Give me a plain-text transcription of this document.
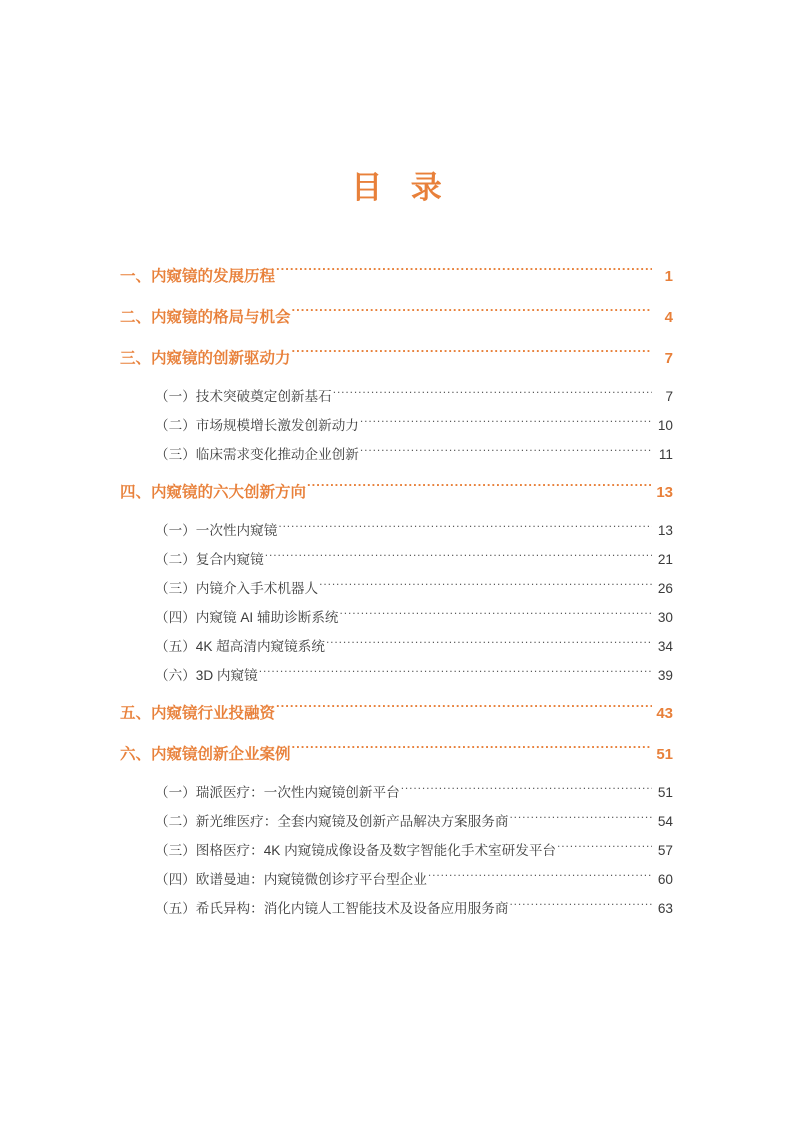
目 录
一、内窥镜的发展历程 .....	1
二、内窥镜的格局与机会 .....	4
三、内窥镜的创新驱动力 .....	7
（一）技术突破奠定创新基石 .....	7
（二）市场规模增长激发创新动力 .....	10
（三）临床需求变化推动企业创新 .....	11
四、内窥镜的六大创新方向 .....	13
（一）一次性内窥镜 .....	13
（二）复合内窥镜 .....	21
（三）内镜介入手术机器人 .....	26
（四）内窥镜 AI 辅助诊断系统 .....	30
（五）4K 超高清内窥镜系统 .....	34
（六）3D 内窥镜 .....	39
五、内窥镜行业投融资 .....	43
六、内窥镜创新企业案例 .....	51
（一）瑞派医疗：一次性内窥镜创新平台 .....	51
（二）新光维医疗：全套内窥镜及创新产品解决方案服务商 .....	54
（三）图格医疗：4K 内窥镜成像设备及数字智能化手术室研发平台 .....	57
（四）欧谱曼迪：内窥镜微创诊疗平台型企业 .....	60
（五）希氏异构：消化内镜人工智能技术及设备应用服务商 .....	63
